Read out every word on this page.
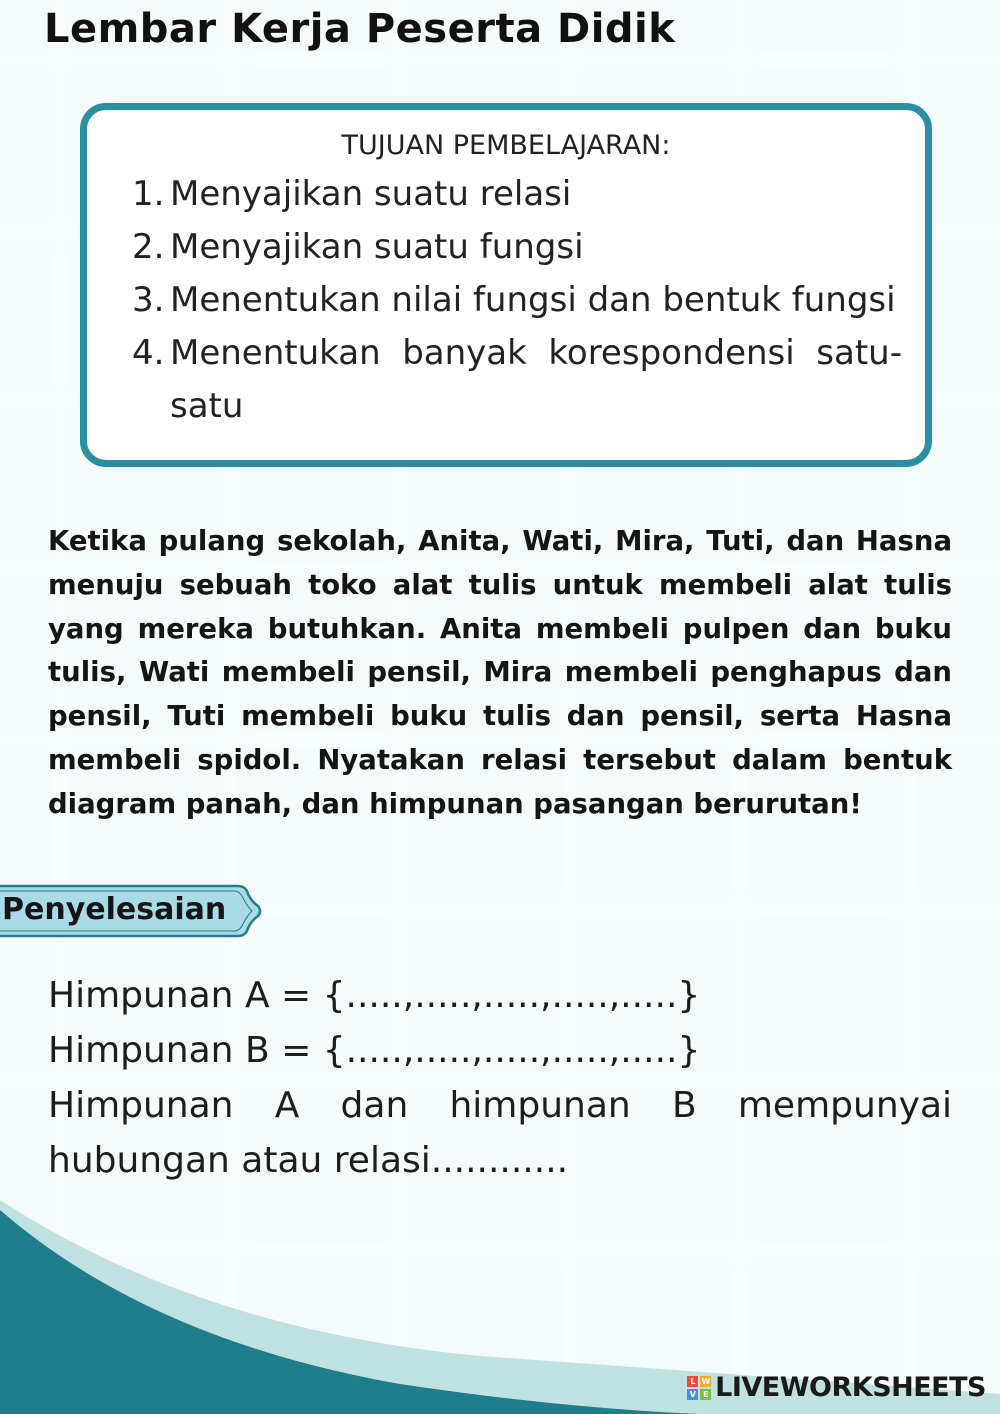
Lembar Kerja Peserta Didik
TUJUAN PEMBELAJARAN:
1. Menyajikan suatu relasi
2. Menyajikan suatu fungsi
3. Menentukan nilai fungsi dan bentuk fungsi
4. Menentukan banyak korespondensi satu-satu
Ketika pulang sekolah, Anita, Wati, Mira, Tuti, dan Hasna menuju sebuah toko alat tulis untuk membeli alat tulis yang mereka butuhkan. Anita membeli pulpen dan buku tulis, Wati membeli pensil, Mira membeli penghapus dan pensil, Tuti membeli buku tulis dan pensil, serta Hasna membeli spidol. Nyatakan relasi tersebut dalam bentuk diagram panah, dan himpunan pasangan berurutan!
Penyelesaian
Himpunan A = {.....,.....,.....,.....,.....}
Himpunan B = {.....,.....,.....,.....,.....}
Himpunan A dan himpunan B mempunyai hubungan atau relasi............
L W
V E LIVEWORKSHEETS
